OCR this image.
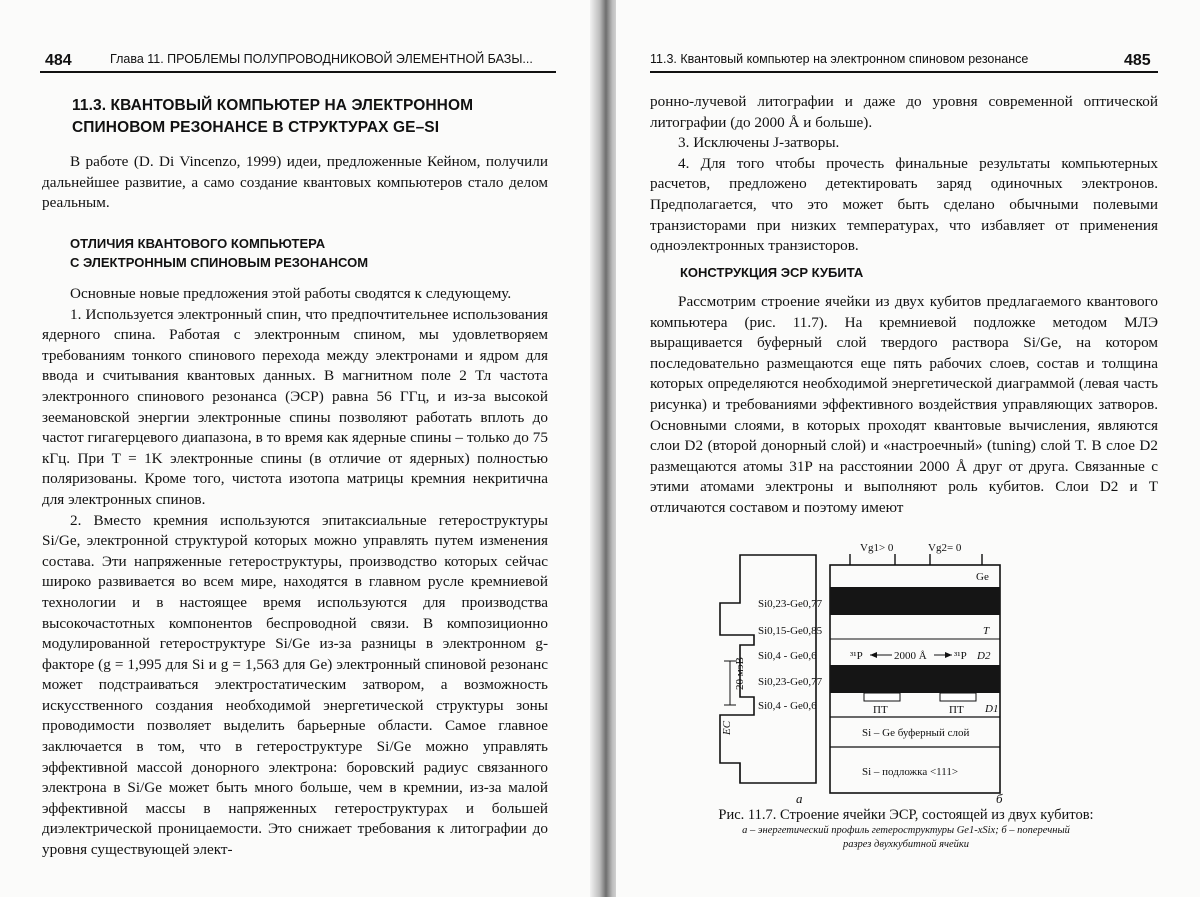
484	Глава 11. ПРОБЛЕМЫ ПОЛУПРОВОДНИКОВОЙ ЭЛЕМЕНТНОЙ БАЗЫ...
11.3. КВАНТОВЫЙ КОМПЬЮТЕР НА ЭЛЕКТРОННОМ
СПИНОВОМ РЕЗОНАНСЕ В СТРУКТУРАХ GE–SI

В работе (D. Di Vincenzo, 1999) идеи, предложенные Кейном, получили дальнейшее развитие, а само создание квантовых компьютеров стало делом реальным.

ОТЛИЧИЯ КВАНТОВОГО КОМПЬЮТЕРА
С ЭЛЕКТРОННЫМ СПИНОВЫМ РЕЗОНАНСОМ

Основные новые предложения этой работы сводятся к следующему.

1. Используется электронный спин, что предпочтительнее использования ядерного спина. Работая с электронным спином, мы удовлетворяем требованиям тонкого спинового перехода между электронами и ядром для ввода и считывания квантовых данных. В магнитном поле 2 Тл частота электронного спинового резонанса (ЭСР) равна 56 ГГц, и из-за высокой зеемановской энергии электронные спины позволяют работать вплоть до частот гигагерцевого диапазона, в то время как ядерные спины – только до 75 кГц. При T = 1K электронные спины (в отличие от ядерных) полностью поляризованы. Кроме того, чистота изотопа матрицы кремния некритична для электронных спинов.

2. Вместо кремния используются эпитаксиальные гетероструктуры Si/Ge, электронной структурой которых можно управлять путем изменения состава. Эти напряженные гетероструктуры, производство которых сейчас широко развивается во всем мире, находятся в главном русле кремниевой технологии и в настоящее время используются для производства высокочастотных компонентов беспроводной связи. В композиционно модулированной гетероструктуре Si/Ge из-за разницы в электронном g-факторе (g = 1,995 для Si и g = 1,563 для Ge) электронный спиновой резонанс может подстраиваться электростатическим затвором, а возможность искусственного создания необходимой энергетической структуры зоны проводимости позволяет выделить барьерные области. Самое главное заключается в том, что в гетероструктуре Si/Ge можно управлять эффективной массой донорного электрона: боровский радиус связанного электрона в Si/Ge может быть много больше, чем в кремнии, из-за малой эффективной массы в напряженных гетероструктурах и большей диэлектрической проницаемости. Это снижает требования к литографии до уровня существующей элект-

11.3. Квантовый компьютер на электронном спиновом резонансе	485

ронно-лучевой литографии и даже до уровня современной оптической литографии (до 2000 Å и больше).

3. Исключены J-затворы.

4. Для того чтобы прочесть финальные результаты компьютерных расчетов, предложено детектировать заряд одиночных электронов. Предполагается, что это может быть сделано обычными полевыми транзисторами при низких температурах, что избавляет от применения одноэлектронных транзисторов.

КОНСТРУКЦИЯ ЭСР КУБИТА

Рассмотрим строение ячейки из двух кубитов предлагаемого квантового компьютера (рис. 11.7). На кремниевой подложке методом МЛЭ выращивается буферный слой твердого раствора Si/Ge, на котором последовательно размещаются еще пять рабочих слоев, состав и толщина которых определяются необходимой энергетической диаграммой (левая часть рисунка) и требованиями эффективного воздействия управляющих затворов. Основными слоями, в которых проходят квантовые вычисления, являются слои D2 (второй донорный слой) и «настроечный» (tuning) слой T. В слое D2 размещаются атомы 31P на расстоянии 2000 Å друг от друга. Связанные с этими атомами электроны и выполняют роль кубитов. Слои D2 и T отличаются составом и поэтому имеют

20 мэВ
EC
Vg1> 0	Vg2= 0
Ge
Si0,23-Ge0,77
Si0,15-Ge0,85
Si0,4 - Ge0,6
Si0,23-Ge0,77
Si0,4 - Ge0,6
T
D2
D1
³¹P	2000 Å ³¹P
ПТ	ПТ
Si – Ge буферный слой
Si – подложка <111>
а	б
Рис. 11.7. Строение ячейки ЭСР, состоящей из двух кубитов:
а – энергетический профиль гетероструктуры Ge1-xSix; б – поперечный
разрез двухкубитной ячейки
